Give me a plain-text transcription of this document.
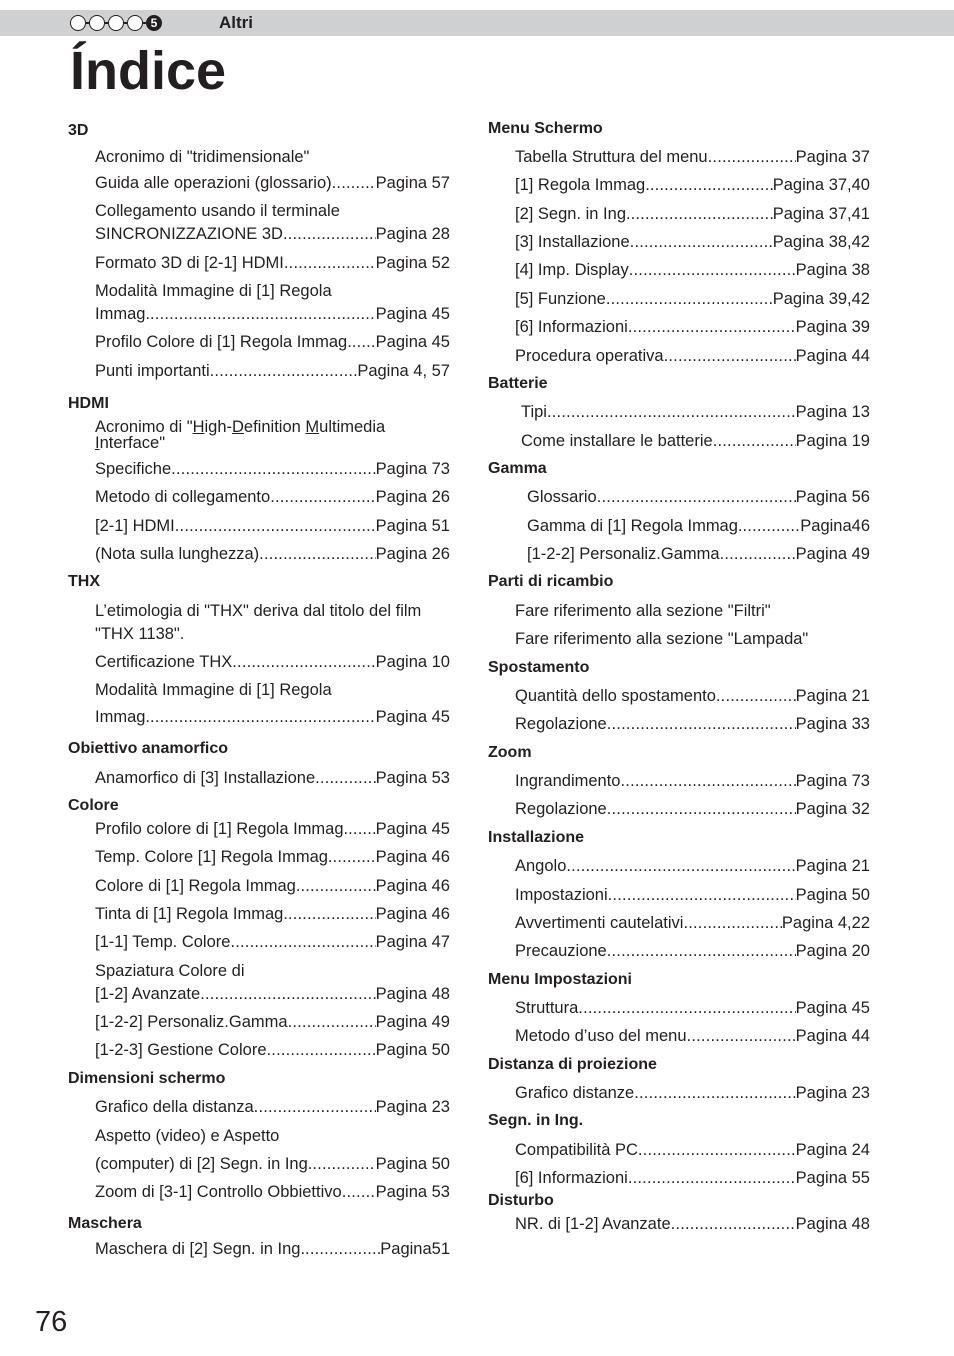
5	Altri
Índice
3D
Acronimo di "tridimensionale"
Guida alle operazioni (glossario) .....	Pagina 57
Collegamento usando il terminale
SINCRONIZZAZIONE 3D .....	Pagina 28
Formato 3D di [2-1] HDMI .....	Pagina 52
Modalità Immagine di [1] Regola
Immag. .....	Pagina 45
Profilo Colore di [1] Regola Immag. ..... Pagina 45
Punti importanti .....	Pagina 4, 57
HDMI
Acronimo di "High-Definition Multimedia
Interface"
Specifiche .....	Pagina 73
Metodo di collegamento .....	Pagina 26
[2-1] HDMI .....	Pagina 51
(Nota sulla lunghezza) .....	Pagina 26
THX
L’etimologia di "THX" deriva dal titolo del film
"THX 1138".
Certificazione THX .....	Pagina 10
Modalità Immagine di [1] Regola
Immag. .....	Pagina 45
Obiettivo anamorfico
Anamorfico di [3] Installazione .....	Pagina 53
Colore
Profilo colore di [1] Regola Immag. ..... Pagina 45
Temp. Colore [1] Regola Immag. .....	Pagina 46
Colore di [1] Regola Immag. .....	Pagina 46
Tinta di [1] Regola Immag. .....	Pagina 46
[1-1] Temp. Colore .....	Pagina 47
Spaziatura Colore di
[1-2] Avanzate .....	Pagina 48
[1-2-2] Personaliz.Gamma .....	Pagina 49
[1-2-3] Gestione Colore .....	Pagina 50
Dimensioni schermo
Grafico della distanza .....	Pagina 23
Aspetto (video) e Aspetto
(computer) di [2] Segn. in Ing. .....	Pagina 50
Zoom di [3-1] Controllo Obbiettivo ..... Pagina 53
Maschera
Maschera di [2] Segn. in Ing. .....	Pagina51
Menu Schermo
Tabella Struttura del menu .....	Pagina 37
[1] Regola Immag. .....	Pagina 37,40
[2] Segn. in Ing. .....	Pagina 37,41
[3] Installazione .....	Pagina 38,42
[4] Imp. Display .....	Pagina 38
[5] Funzione .....	Pagina 39,42
[6] Informazioni .....	Pagina 39
Procedura operativa .....	Pagina 44
Batterie
Tipi .....	Pagina 13
Come installare le batterie .....	Pagina 19
Gamma
Glossario .....	Pagina 56
Gamma di [1] Regola Immag. .....	Pagina46
[1-2-2] Personaliz.Gamma .....	Pagina 49
Parti di ricambio
Fare riferimento alla sezione "Filtri"
Fare riferimento alla sezione "Lampada"
Spostamento
Quantità dello spostamento .....	Pagina 21
Regolazione .....	Pagina 33
Zoom
Ingrandimento .....	Pagina 73
Regolazione .....	Pagina 32
Installazione
Angolo .....	Pagina 21
Impostazioni .....	Pagina 50
Avvertimenti cautelativi .....	Pagina 4,22
Precauzione .....	Pagina 20
Menu Impostazioni
Struttura .....	Pagina 45
Metodo d’uso del menu .....	Pagina 44
Distanza di proiezione
Grafico distanze .....	Pagina 23
Segn. in Ing.
Compatibilità PC .....	Pagina 24
[6] Informazioni .....	Pagina 55
Disturbo
NR. di [1-2] Avanzate .....	Pagina 48
76
